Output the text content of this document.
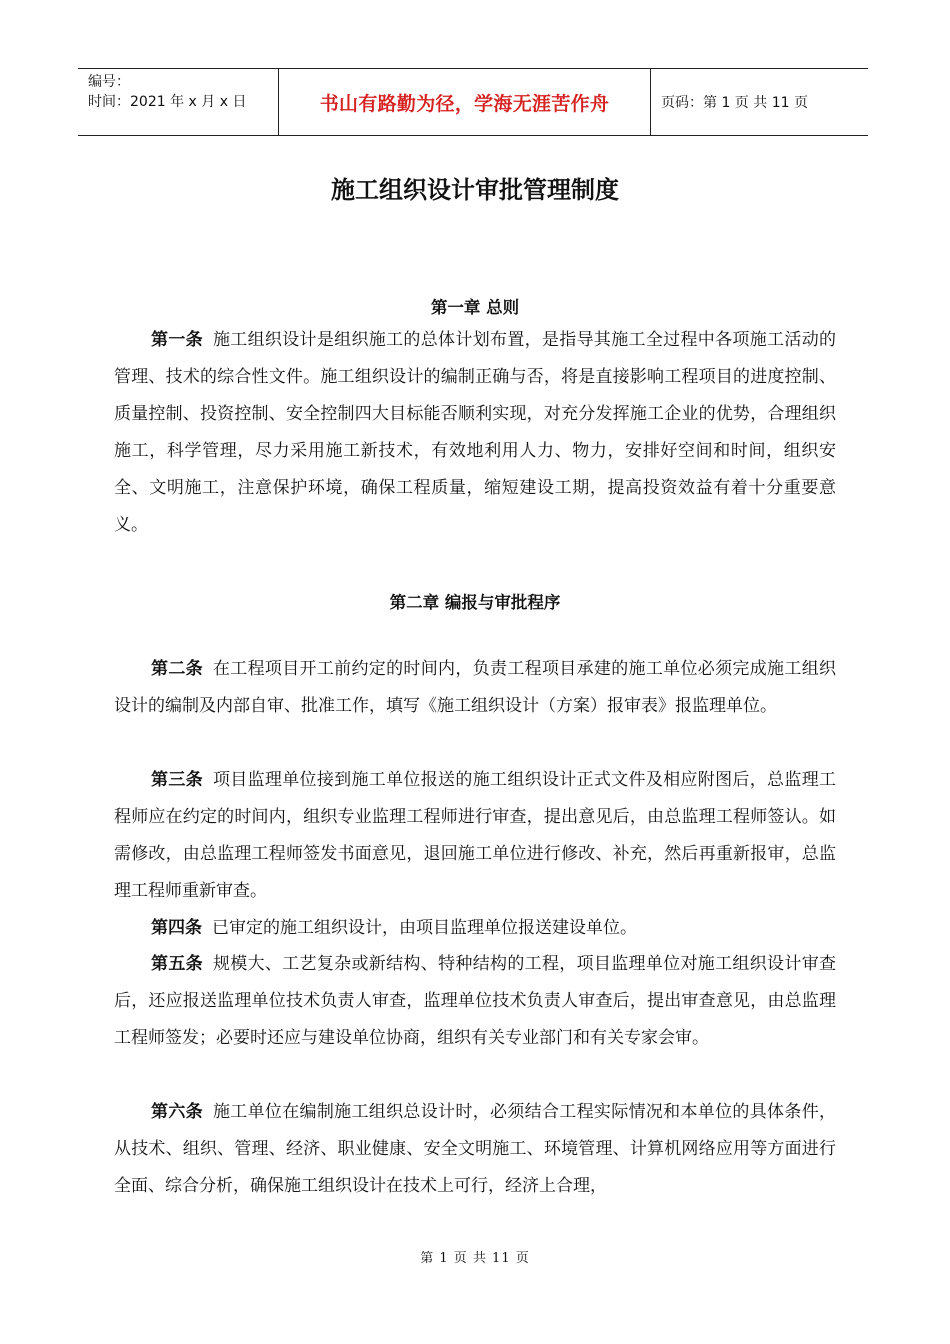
编号：
时间：2021 年 x 月 x 日	书山有路勤为径，学海无涯苦作舟	页码：第 1 页 共 11 页
施工组织设计审批管理制度
第一章 总则

第一条 施工组织设计是组织施工的总体计划布置，是指导其施工全过程中各项施工活动的管理、技术的综合性文件。施工组织设计的编制正确与否，将是直接影响工程项目的进度控制、质量控制、投资控制、安全控制四大目标能否顺利实现，对充分发挥施工企业的优势，合理组织施工，科学管理，尽力采用施工新技术，有效地利用人力、物力，安排好空间和时间，组织安全、文明施工，注意保护环境，确保工程质量，缩短建设工期，提高投资效益有着十分重要意义。

第二章 编报与审批程序

第二条 在工程项目开工前约定的时间内，负责工程项目承建的施工单位必须完成施工组织设计的编制及内部自审、批准工作，填写《施工组织设计（方案）报审表》报监理单位。

第三条 项目监理单位接到施工单位报送的施工组织设计正式文件及相应附图后，总监理工程师应在约定的时间内，组织专业监理工程师进行审查，提出意见后，由总监理工程师签认。如需修改，由总监理工程师签发书面意见，退回施工单位进行修改、补充，然后再重新报审，总监理工程师重新审查。

第四条 已审定的施工组织设计，由项目监理单位报送建设单位。

第五条 规模大、工艺复杂或新结构、特种结构的工程，项目监理单位对施工组织设计审查后，还应报送监理单位技术负责人审查，监理单位技术负责人审查后，提出审查意见，由总监理工程师签发；必要时还应与建设单位协商，组织有关专业部门和有关专家会审。

第六条 施工单位在编制施工组织总设计时，必须结合工程实际情况和本单位的具体条件，从技术、组织、管理、经济、职业健康、安全文明施工、环境管理、计算机网络应用等方面进行全面、综合分析，确保施工组织设计在技术上可行，经济上合理，

第 1 页 共 11 页
